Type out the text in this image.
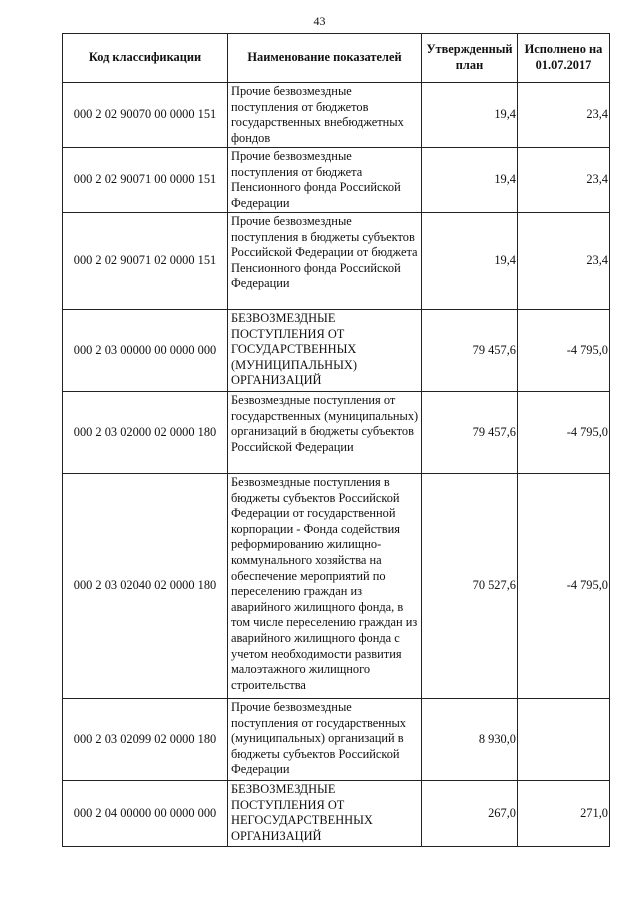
43
Код классификации	Наименование показателей	Утвержденный план	Исполнено на 01.07.2017
000 2 02 90070 00 0000 151	Прочие безвозмездные поступления от бюджетов государственных внебюджетных фондов	19,4	23,4
000 2 02 90071 00 0000 151	Прочие безвозмездные поступления от бюджета Пенсионного фонда Российской Федерации	19,4	23,4
000 2 02 90071 02 0000 151	Прочие безвозмездные поступления в бюджеты субъектов Российской Федерации от бюджета Пенсионного фонда Российской Федерации	19,4	23,4
000 2 03 00000 00 0000 000	БЕЗВОЗМЕЗДНЫЕ ПОСТУПЛЕНИЯ ОТ ГОСУДАРСТВЕННЫХ (МУНИЦИПАЛЬНЫХ) ОРГАНИЗАЦИЙ	79 457,6	-4 795,0
000 2 03 02000 02 0000 180	Безвозмездные поступления от государственных (муниципальных) организаций в бюджеты субъектов Российской Федерации	79 457,6	-4 795,0
000 2 03 02040 02 0000 180	Безвозмездные поступления в бюджеты субъектов Российской Федерации от государственной корпорации - Фонда содействия реформированию жилищно-коммунального хозяйства на обеспечение мероприятий по переселению граждан из аварийного жилищного фонда, в том числе переселению граждан из аварийного жилищного фонда с учетом необходимости развития малоэтажного жилищного строительства	70 527,6	-4 795,0
000 2 03 02099 02 0000 180	Прочие безвозмездные поступления от государственных (муниципальных) организаций в бюджеты субъектов Российской Федерации	8 930,0	
000 2 04 00000 00 0000 000	БЕЗВОЗМЕЗДНЫЕ ПОСТУПЛЕНИЯ ОТ НЕГОСУДАРСТВЕННЫХ ОРГАНИЗАЦИЙ	267,0	271,0
